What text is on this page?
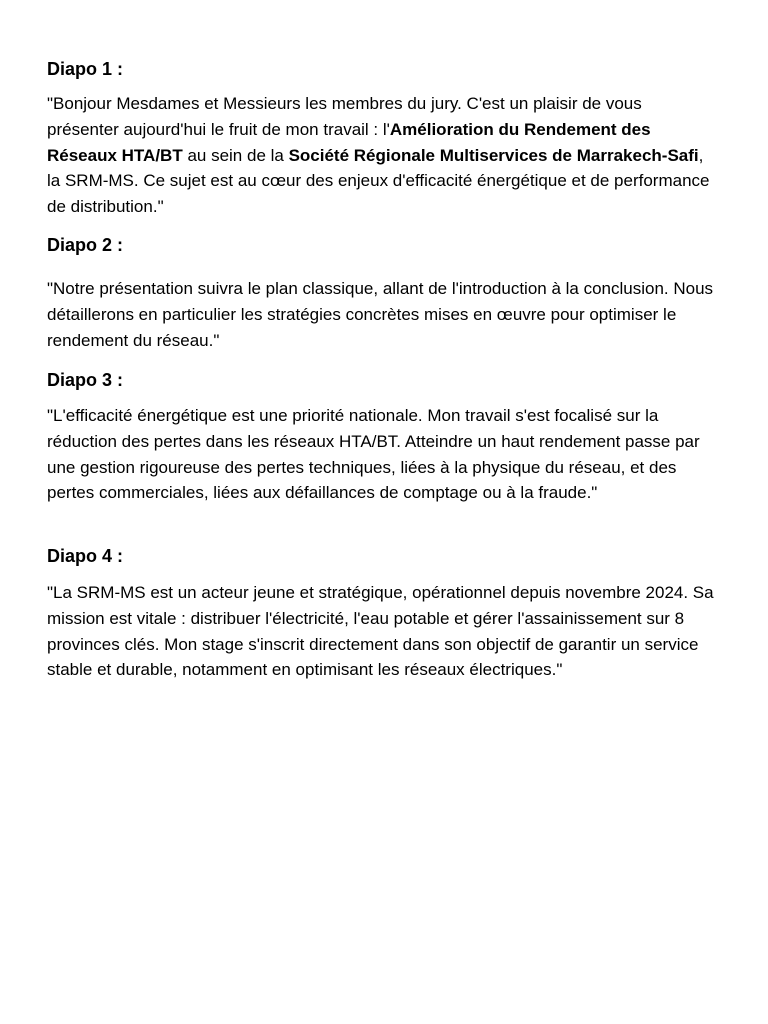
Diapo 1 :

"Bonjour Mesdames et Messieurs les membres du jury. C'est un plaisir de vous présenter aujourd'hui le fruit de mon travail : l'Amélioration du Rendement des Réseaux HTA/BT au sein de la Société Régionale Multiservices de Marrakech-Safi, la SRM-MS. Ce sujet est au cœur des enjeux d'efficacité énergétique et de performance de distribution."

Diapo 2 :

"Notre présentation suivra le plan classique, allant de l'introduction à la conclusion. Nous détaillerons en particulier les stratégies concrètes mises en œuvre pour optimiser le rendement du réseau."

Diapo 3 :

"L'efficacité énergétique est une priorité nationale. Mon travail s'est focalisé sur la réduction des pertes dans les réseaux HTA/BT. Atteindre un haut rendement passe par une gestion rigoureuse des pertes techniques, liées à la physique du réseau, et des pertes commerciales, liées aux défaillances de comptage ou à la fraude."

Diapo 4 :

"La SRM-MS est un acteur jeune et stratégique, opérationnel depuis novembre 2024. Sa mission est vitale : distribuer l'électricité, l'eau potable et gérer l'assainissement sur 8 provinces clés. Mon stage s'inscrit directement dans son objectif de garantir un service stable et durable, notamment en optimisant les réseaux électriques."
